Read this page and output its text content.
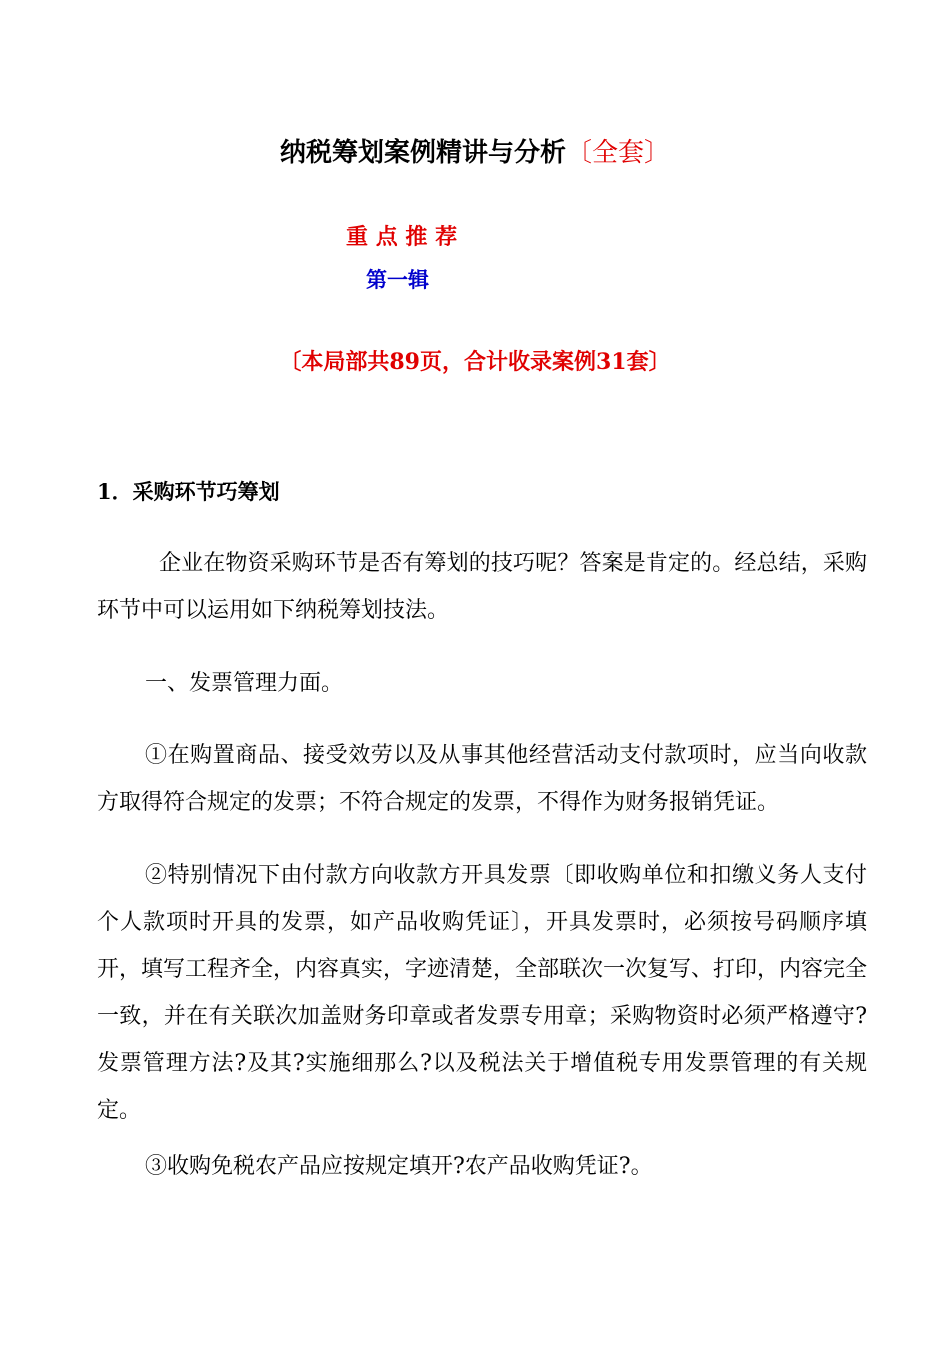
纳税筹划案例精讲与分析〔全套〕
重点推荐
第一辑
〔本局部共89页，合计收录案例31套〕
1．采购环节巧筹划

企业在物资采购环节是否有筹划的技巧呢？答案是肯定的。经总结，采购环节中可以运用如下纳税筹划技法。

一、发票管理力面。

①在购置商品、接受效劳以及从事其他经营活动支付款项时，应当向收款方取得符合规定的发票；不符合规定的发票，不得作为财务报销凭证。

②特别情况下由付款方向收款方开具发票〔即收购单位和扣缴义务人支付个人款项时开具的发票，如产品收购凭证〕，开具发票时，必须按号码顺序填开，填写工程齐全，内容真实，字迹清楚，全部联次一次复写、打印，内容完全一致，并在有关联次加盖财务印章或者发票专用章；采购物资时必须严格遵守?发票管理方法?及其?实施细那么?以及税法关于增值税专用发票管理的有关规定。

③收购免税农产品应按规定填开?农产品收购凭证?。
